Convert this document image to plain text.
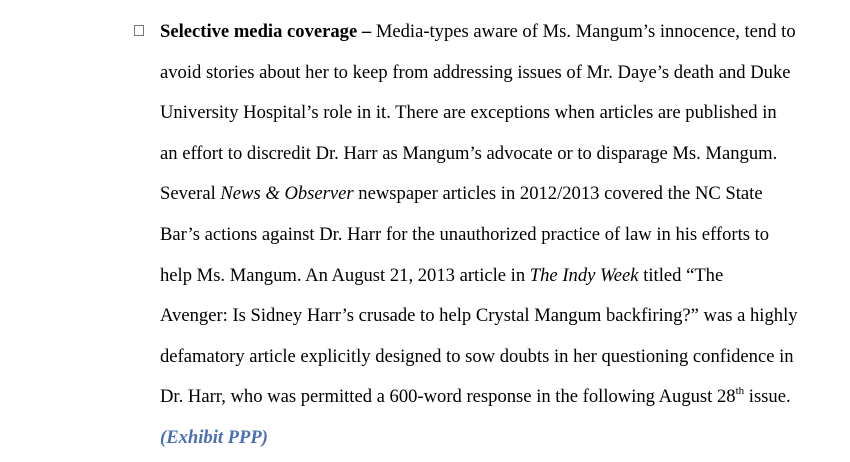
Selective media coverage – Media-types aware of Ms. Mangum’s innocence, tend to
avoid stories about her to keep from addressing issues of Mr. Daye’s death and Duke
University Hospital’s role in it. There are exceptions when articles are published in
an effort to discredit Dr. Harr as Mangum’s advocate or to disparage Ms. Mangum.
Several News & Observer newspaper articles in 2012/2013 covered the NC State
Bar’s actions against Dr. Harr for the unauthorized practice of law in his efforts to
help Ms. Mangum. An August 21, 2013 article in The Indy Week titled “The
Avenger: Is Sidney Harr’s crusade to help Crystal Mangum backfiring?” was a highly
defamatory article explicitly designed to sow doubts in her questioning confidence in
Dr. Harr, who was permitted a 600-word response in the following August 28th issue.
(Exhibit PPP)
